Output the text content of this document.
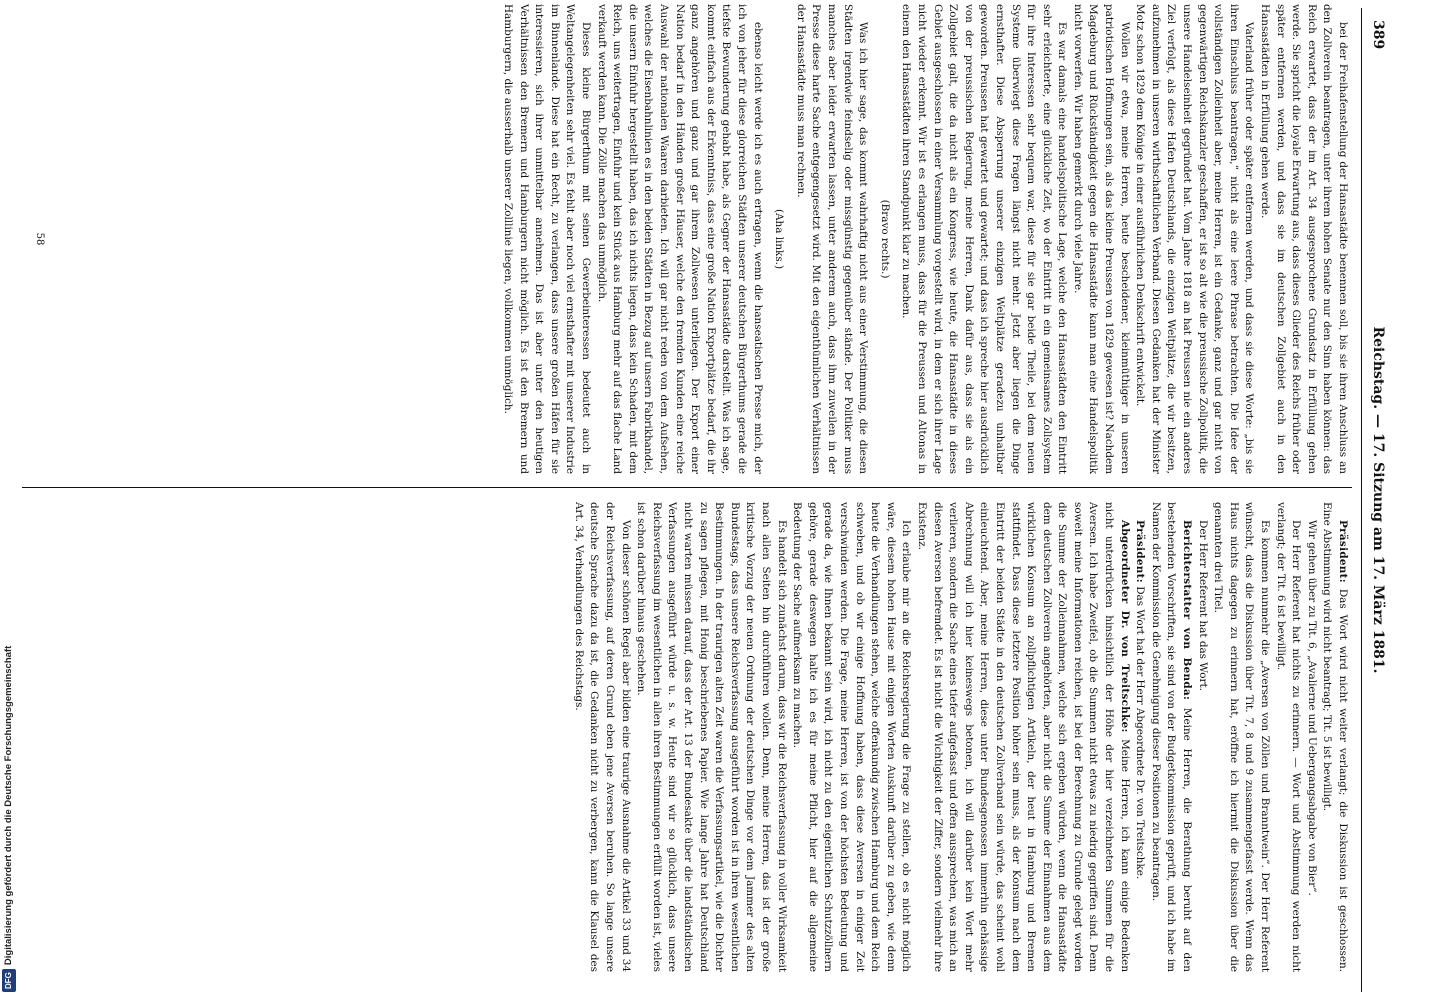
DFGDigitalisierung gefördert durch die Deutsche Forschungsgemeinschaft
389
Reichstag. — 17. Sitzung am 17. März 1881.

bei der Freihafenstellung der Hansastädte benennen soll, bis sie ihren Anschluss an den Zollverein beantragen, unter ihrem hohen Senate nur den Sinn haben können: das Reich erwartet, dass der im Art. 34 ausgesprochene Grundsatz in Erfüllung gehen werde. Sie spricht die loyale Erwartung aus, dass dieses Glieder des Reichs früher oder später entfernen werden, und dass sie im deutschen Zollgebiet auch in den Hansastädten in Erfüllung gehen werde.

Vaterland früher oder später entfernen werden, und dass sie diese Worte: „bis sie ihren Einschluss beantragen,“ nicht als eine leere Phrase betrachten. Die Idee der vollständigen Zolleinheit aber, meine Herren, ist ein Gedanke, ganz und gar nicht von gegenwärtigen Reichskanzler geschaffen, er ist so alt wie die preussische Zollpolitik, die unsere Handelseinheit gegründet hat. Vom Jahre 1818 an hat Preussen nie ein anderes Ziel verfolgt, als diese Hafen Deutschlands, die einzigen Weltplätze, die wir besitzen, aufzunehmen in unseren wirthschaftlichen Verband. Diesen Gedanken hat der Minister Motz schon 1829 dem Könige in einer ausführlichen Denkschrift entwickelt.

Wollen wir etwa, meine Herren, heute bescheidener, kleinmüthiger in unseren patriotischen Hoffnungen sein, als das kleine Preussen von 1829 gewesen ist? Nachdem Magdeburg und Rückständigkeit gegen die Hansastädte kann man eine Handelspolitik nicht vorwerfen. Wir haben gemerkt durch viele Jahre.

Es war damals eine handelspolitische Lage, welche den Hansastädten den Eintritt sehr erleichterte, eine glückliche Zeit, wo der Eintritt in ein gemeinsames Zollsystem für ihre Interessen sehr bequem war, diese für sie gar beide Theile, bei dem neuen Systeme überwiegt diese Fragen längst nicht mehr. Jetzt aber liegen die Dinge ernsthafter. Diese Absperrung unserer einzigen Weltplätze geradezu unhaltbar geworden. Preussen hat gewartet und gewartet; und dass ich spreche hier ausdrücklich von der preussischen Regierung, meine Herren, Dank dafür aus, dass sie als ein Zollgebiet galt, die da nicht als ein Kongress, wie heute, die Hansastädte in dieses Gebiet ausgeschlossen in einer Versammlung vorgestellt wird, in dem er sich ihrer Lage nicht wieder erkennt. Wir ist es erlangen muss, dass für die Preussen und Altonas in einem den Hansastädten ihren Standpunkt klar zu machen.

(Bravo rechts.)

Was ich hier sage, das kommt wahrhaftig nicht aus einer Verstimmung, die diesen Städten irgendwie feindselig oder missgünstig gegenüber stände. Der Politiker muss manches aber leider erwarten lassen, unter anderem auch, dass ihm zuweilen in der Presse diese harte Sache entgegengesetzt wird. Mit den eigenthümlichen Verhältnissen der Hansastädte muss man rechnen.

(Aha links.)

ebenso leicht werde ich es auch ertragen, wenn die hanseatischen Presse mich, der ich von jeher für diese glorreichen Städten unserer deutschen Bürgerthums gerade die tiefste Bewunderung gehabt habe, als Gegner der Hansastädte darstellt. Was ich sage, kommt einfach aus der Erkenntniss, dass eine große Nation Exportplätze bedarf, die ihr ganz angehören und ganz und gar ihrem Zollwesen unterliegen. Der Export einer Nation bedarf in den Händen großer Häuser, welche den fremden Kunden eine reiche Auswahl der nationalen Waaren darbieten. Ich will gar nicht reden von dem Aufsehen, welches die Eisenbahnlinien es in den beiden Städten in Bezug auf unsern Fabrikhandel, die unsern Einfuhr hergestellt haben, das ich nichts liegen, dass kein Schaden, mit dem Reich, uns weitertragen, Einfuhr und kein Stück aus Hamburg mehr auf das flache Land verkauft werden kann. Die Zölle machen das unmöglich.

Dieses kleine Bürgerthum mit seinen Gewerbeinteressen bedeutet auch in Weltangelegenheiten sehr viel. Es fehlt aber noch viel ernsthafter mit unserer Industrie im Binnenlande. Diese hat ein Recht, zu verlangen, dass unsere großen Häfen für sie interessieren, sich ihrer unmittelbar annehmen. Das ist aber unter den heutigen Verhältnissen den Bremern und Hamburgern nicht möglich. Es ist den Bremern und Hamburgern, die ausserhalb unserer Zolllinie liegen, vollkommen unmöglich.

58

Präsident: Das Wort wird nicht weiter verlangt; die Diskussion ist geschlossen. Eine Abstimmung wird nicht beantragt; Tit. 5 ist bewilligt.

Wir gehen über zu Tit. 6, „Avalierne und Uebergangsabgabe von Bier“.

Der Herr Referent hat nichts zu erinnern. — Wort und Abstimmung werden nicht verlangt; der Tit. 6 ist bewilligt.

Es kommen nunmehr die „Aversen von Zöllen und Branntwein“. Der Herr Referent wünscht, dass die Diskussion über Tit. 7, 8 und 9 zusammengefasst werde. Wenn das Haus nichts dagegen zu erinnern hat, eröffne ich hiermit die Diskussion über die genannten drei Titel.

Der Herr Referent hat das Wort.

Berichterstatter von Benda: Meine Herren, die Berathung beruht auf den bestehenden Vorschriften, sie sind von der Budgetkommission geprüft, und ich habe im Namen der Kommission die Genehmigung dieser Positionen zu beantragen.

Präsident: Das Wort hat der Herr Abgeordnete Dr. von Treitschke.

Abgeordneter Dr. von Treitschke: Meine Herren, ich kann einige Bedenken nicht unterdrücken hinsichtlich der Höhe der hier verzeichneten Summen für die Aversen. Ich habe Zweifel, ob die Summen nicht etwas zu niedrig gegriffen sind. Denn soweit meine Informationen reichen, ist bei der Berechnung zu Grunde gelegt worden die Summe der Zolleinnahmen, welche sich ergeben würden, wenn die Hansastädte dem deutschen Zollverein angehörten, aber nicht die Summe der Einnahmen aus dem wirklichen Konsum an zollpflichtigen Artikeln, der heut in Hamburg und Bremen stattfindet. Dass diese letztere Position höher sein muss, als der Konsum nach dem Eintritt der beiden Städte in den deutschen Zollverband sein würde, das scheint wohl einleuchtend. Aber, meine Herren, diese unter Bundesgenossen immerhin gehässige Abrechnung will ich hier keineswegs betonen, ich will darüber kein Wort mehr verlieren, sondern die Sache eines tiefer aufgefasst und offen aussprechen, was mich an diesen Aversen befremdet. Es ist nicht die Wichtigkeit der Ziffer, sondern vielmehr ihre Existenz.

Ich erlaube mir an die Reichsregierung die Frage zu stellen, ob es nicht möglich wäre, diesem hohen Hause mit einigen Worten Auskunft darüber zu geben, wie denn heute die Verhandlungen stehen, welche offenkundig zwischen Hamburg und dem Reich schweben, und ob wir einige Hoffnung haben, dass diese Aversen in einiger Zeit verschwinden werden. Die Frage, meine Herren, ist von der höchsten Bedeutung und gerade da, wie Ihnen bekannt sein wird, ich nicht zu den eigentlichen Schutzzöllnern gehöre, gerade deswegen halte ich es für meine Pflicht, hier auf die allgemeine Bedeutung der Sache aufmerksam zu machen.

Es handelt sich zunächst darum, dass wir die Reichsverfassung in voller Wirksamkeit nach allen Seiten hin durchführen wollen. Denn, meine Herren, das ist der große kritische Vorzug der neuen Ordnung der deutschen Dinge vor dem Jammer des alten Bundestags, dass unsere Reichsverfassung ausgeführt worden ist in ihren wesentlichen Bestimmungen. In der traurigen alten Zeit waren die Verfassungsartikel, wie die Dichter zu sagen pflegen, mit Honig beschriebenes Papier. Wie lange Jahre hat Deutschland nicht warten müssen darauf, dass der Art. 13 der Bundesakte über die landständischen Verfassungen ausgeführt würde u. s. w. Heute sind wir so glücklich, dass unsere Reichsverfassung im wesentlichen in allen ihren Bestimmungen erfüllt worden ist, vieles ist schon darüber hinaus geschehen.

Von dieser schönen Regel aber bilden eine traurige Ausnahme die Artikel 33 und 34 der Reichsverfassung, auf deren Grund eben jene Aversen beruhen. So lange unsere deutsche Sprache dazu da ist, die Gedanken nicht zu verbergen, kann die Klausel des Art. 34, Verhandlungen des Reichstags.
